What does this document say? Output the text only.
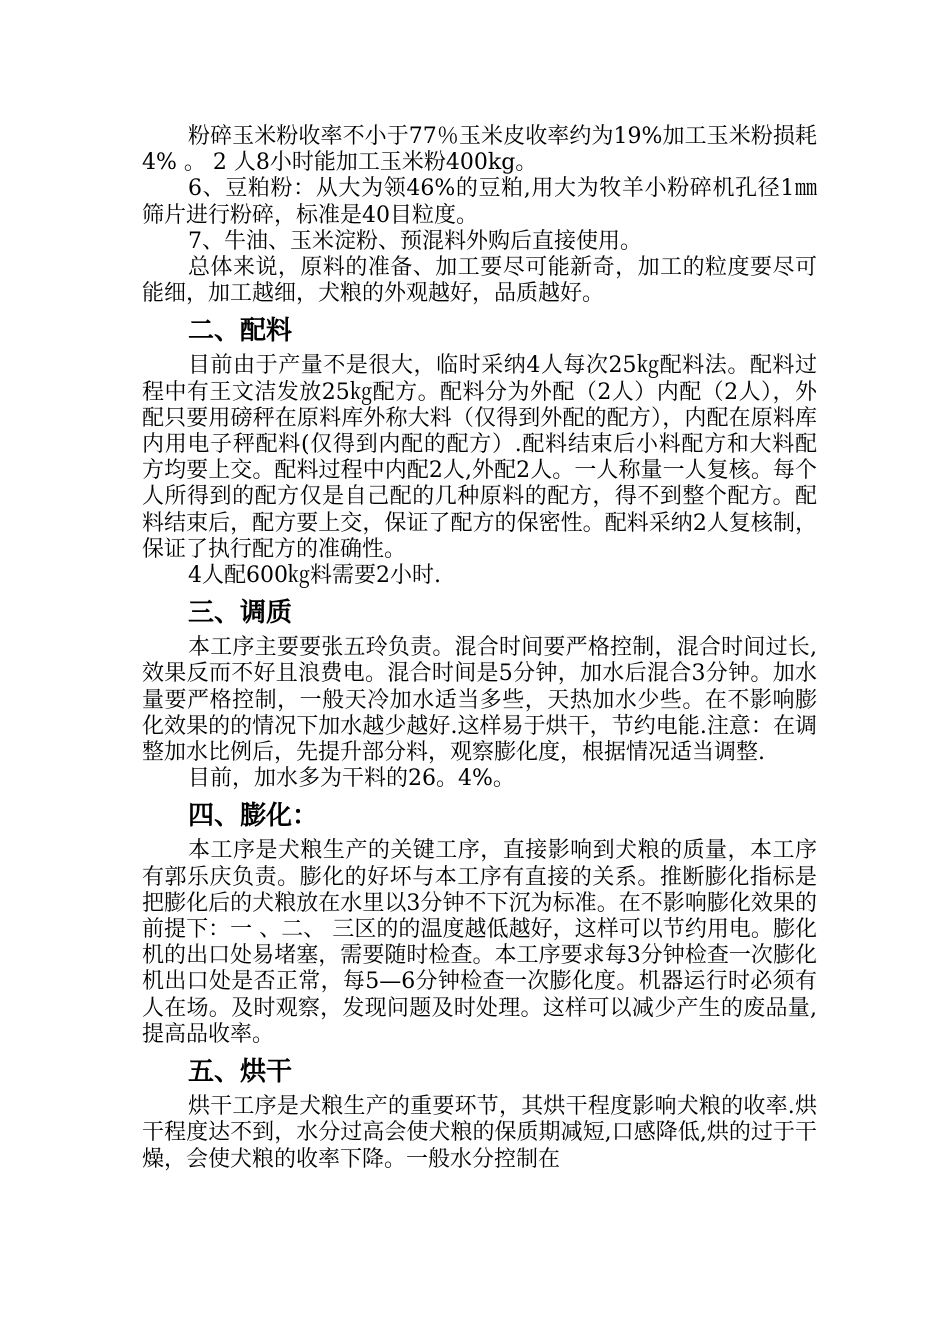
粉碎玉米粉收率不小于77％玉米皮收率约为19%加工玉米粉损耗4% 。 2 人8小时能加工玉米粉400kg。

6、豆粕粉：从大为领46%的豆粕,用大为牧羊小粉碎机孔径1㎜筛片进行粉碎，标准是40目粒度。

7、牛油、玉米淀粉、预混料外购后直接使用。

总体来说，原料的准备、加工要尽可能新奇，加工的粒度要尽可能细，加工越细，犬粮的外观越好，品质越好。

二、配料

目前由于产量不是很大，临时采纳4人每次25㎏配料法。配料过程中有王文洁发放25㎏配方。配料分为外配（2人）内配（2人），外配只要用磅秤在原料库外称大料（仅得到外配的配方），内配在原料库内用电子秤配料(仅得到内配的配方）.配料结束后小料配方和大料配方均要上交。配料过程中内配2人,外配2人。一人称量一人复核。每个人所得到的配方仅是自己配的几种原料的配方，得不到整个配方。配料结束后，配方要上交，保证了配方的保密性。配料采纳2人复核制，保证了执行配方的准确性。

4人配600㎏料需要2小时.

三、调质

本工序主要要张五玲负责。混合时间要严格控制，混合时间过长,效果反而不好且浪费电。混合时间是5分钟，加水后混合3分钟。加水量要严格控制，一般天冷加水适当多些，天热加水少些。在不影响膨化效果的的情况下加水越少越好.这样易于烘干，节约电能.注意：在调整加水比例后，先提升部分料，观察膨化度，根据情况适当调整.

目前，加水多为干料的26。4%。

四、膨化：

本工序是犬粮生产的关键工序，直接影响到犬粮的质量，本工序有郭乐庆负责。膨化的好坏与本工序有直接的关系。推断膨化指标是把膨化后的犬粮放在水里以3分钟不下沉为标准。在不影响膨化效果的前提下：一 、二、 三区的的温度越低越好，这样可以节约用电。膨化机的出口处易堵塞，需要随时检查。本工序要求每3分钟检查一次膨化机出口处是否正常，每5—6分钟检查一次膨化度。机器运行时必须有人在场。及时观察，发现问题及时处理。这样可以减少产生的废品量,提高品收率。

五、烘干

烘干工序是犬粮生产的重要环节，其烘干程度影响犬粮的收率.烘干程度达不到，水分过高会使犬粮的保质期减短,口感降低,烘的过于干燥，会使犬粮的收率下降。一般水分控制在
